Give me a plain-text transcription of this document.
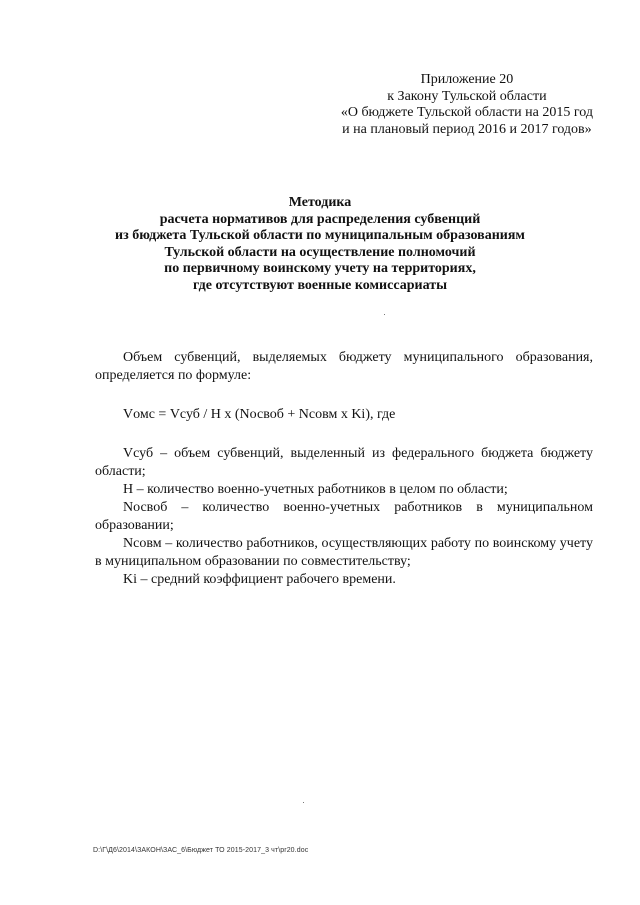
Приложение 20
к Закону Тульской области
«О бюджете Тульской области на 2015 год
и на плановый период 2016 и 2017 годов»
Методика
расчета нормативов для распределения субвенций
из бюджета Тульской области по муниципальным образованиям
Тульской области на осуществление полномочий
по первичному воинскому учету на территориях,
где отсутствуют военные комиссариаты

Объем субвенций, выделяемых бюджету муниципального образования, определяется по формуле:

Vомс = Vсуб / Н х (Nосвоб + Nсовм х Ki), где

Vсуб – объем субвенций, выделенный из федерального бюджета бюджету области;

Н – количество военно-учетных работников в целом по области;

Nосвоб – количество военно-учетных работников в муниципальном образовании;

Nсовм – количество работников, осуществляющих работу по воинскому учету в муниципальном образовании по совместительству;

Ki – средний коэффициент рабочего времени.

D:\Г\Д6\2014\ЗАКОН\ЗАС_6\Бюджет ТО 2015-2017_3 чт\pr20.doc
